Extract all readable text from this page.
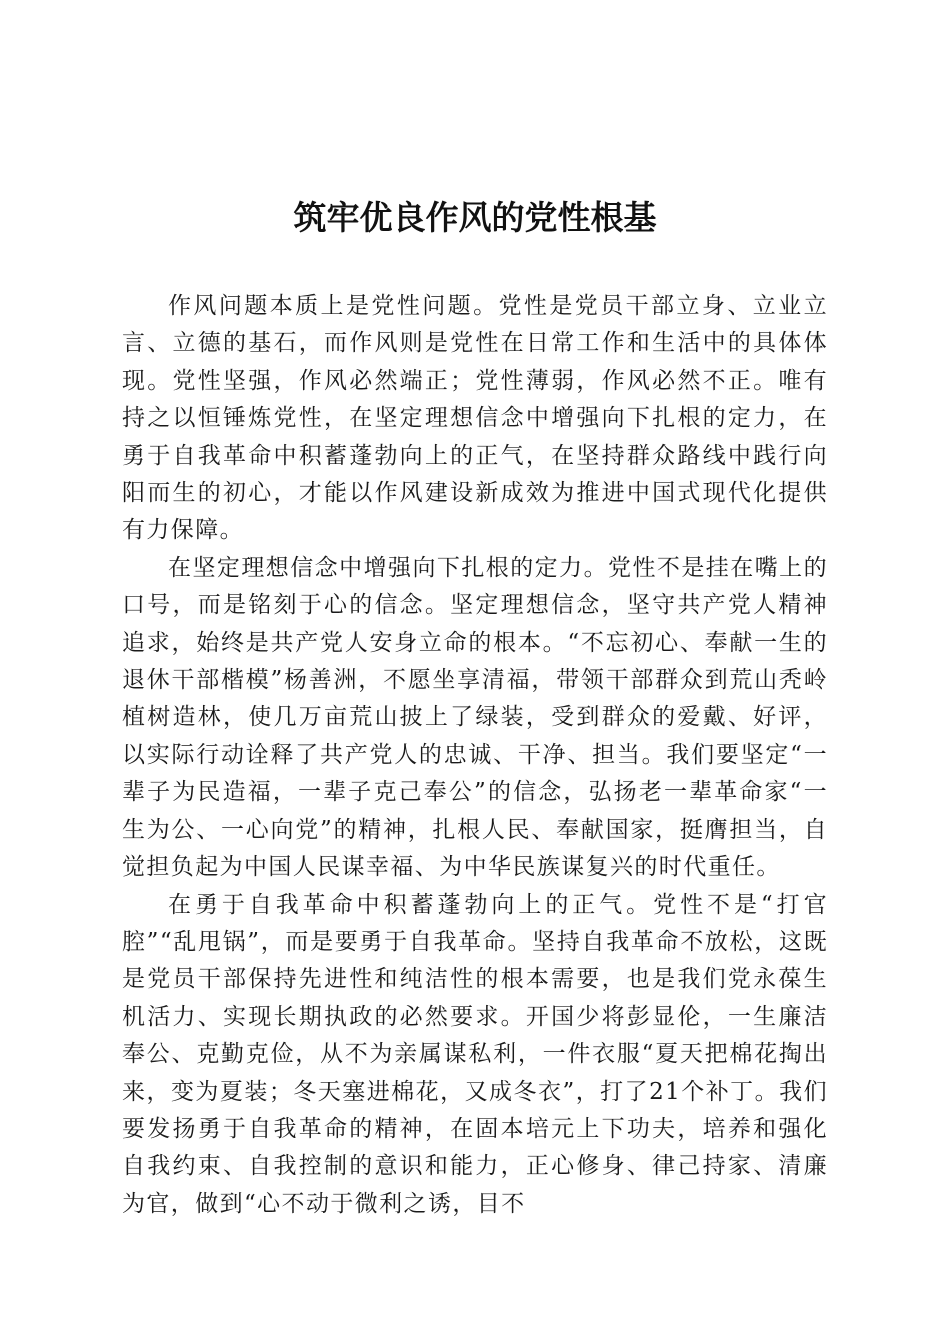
筑牢优良作风的党性根基

作风问题本质上是党性问题。党性是党员干部立身、立业立言、立德的基石，而作风则是党性在日常工作和生活中的具体体现。党性坚强，作风必然端正；党性薄弱，作风必然不正。唯有持之以恒锤炼党性，在坚定理想信念中增强向下扎根的定力，在勇于自我革命中积蓄蓬勃向上的正气，在坚持群众路线中践行向阳而生的初心，才能以作风建设新成效为推进中国式现代化提供有力保障。

在坚定理想信念中增强向下扎根的定力。党性不是挂在嘴上的口号，而是铭刻于心的信念。坚定理想信念，坚守共产党人精神追求，始终是共产党人安身立命的根本。“不忘初心、奉献一生的退休干部楷模”杨善洲，不愿坐享清福，带领干部群众到荒山秃岭植树造林，使几万亩荒山披上了绿装，受到群众的爱戴、好评，以实际行动诠释了共产党人的忠诚、干净、担当。我们要坚定“一辈子为民造福，一辈子克己奉公”的信念，弘扬老一辈革命家“一生为公、一心向党”的精神，扎根人民、奉献国家，挺膺担当，自觉担负起为中国人民谋幸福、为中华民族谋复兴的时代重任。

在勇于自我革命中积蓄蓬勃向上的正气。党性不是“打官腔”“乱甩锅”，而是要勇于自我革命。坚持自我革命不放松，这既是党员干部保持先进性和纯洁性的根本需要，也是我们党永葆生机活力、实现长期执政的必然要求。开国少将彭显伦，一生廉洁奉公、克勤克俭，从不为亲属谋私利，一件衣服“夏天把棉花掏出来，变为夏装；冬天塞进棉花，又成冬衣”，打了21个补丁。我们要发扬勇于自我革命的精神，在固本培元上下功夫，培养和强化自我约束、自我控制的意识和能力，正心修身、律己持家、清廉为官，做到“心不动于微利之诱，目不
